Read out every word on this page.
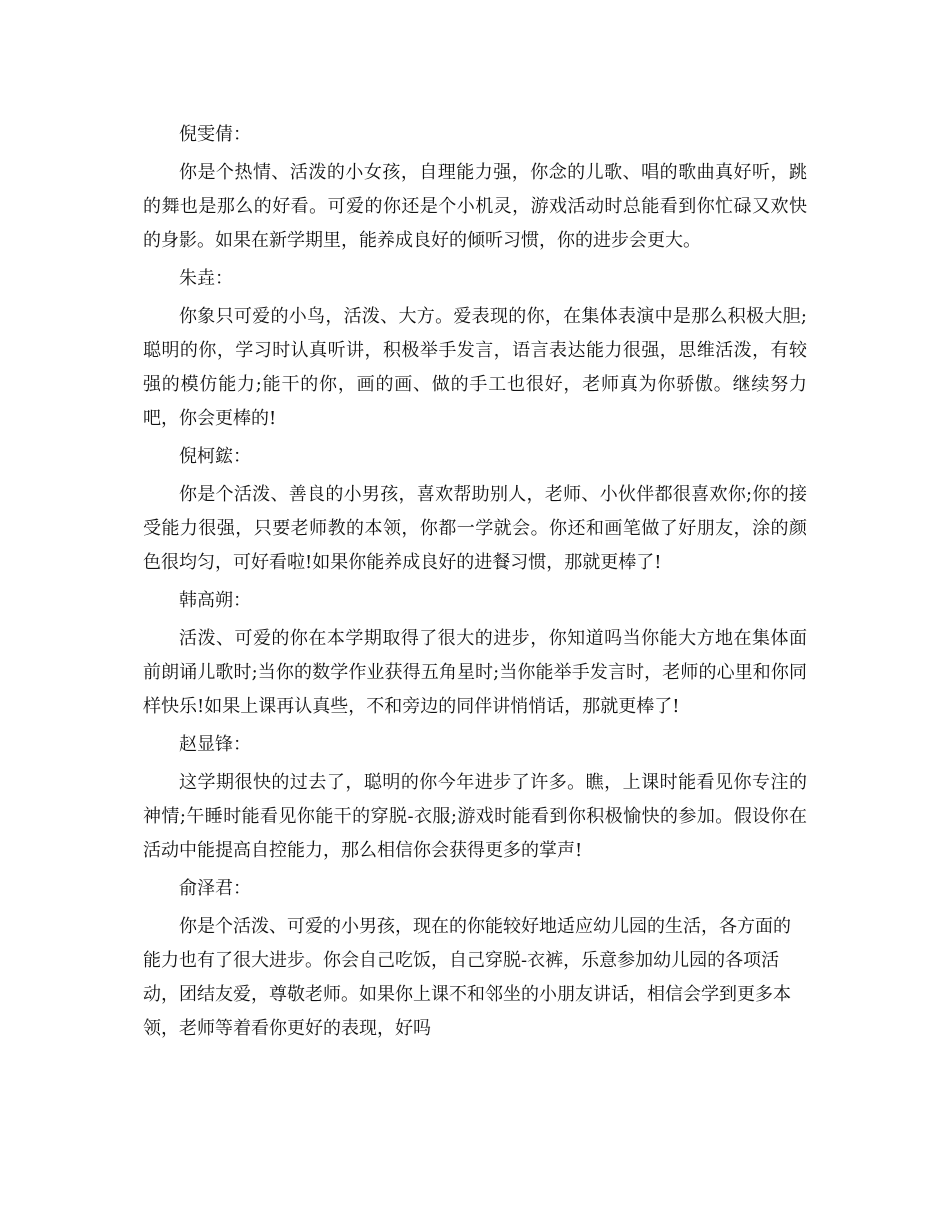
倪雯倩：

你是个热情、活泼的小女孩，自理能力强，你念的儿歌、唱的歌曲真好听，跳的舞也是那么的好看。可爱的你还是个小机灵，游戏活动时总能看到你忙碌又欢快的身影。如果在新学期里，能养成良好的倾听习惯，你的进步会更大。

朱垚：

你象只可爱的小鸟，活泼、大方。爱表现的你，在集体表演中是那么积极大胆;聪明的你，学习时认真听讲，积极举手发言，语言表达能力很强，思维活泼，有较强的模仿能力;能干的你，画的画、做的手工也很好，老师真为你骄傲。继续努力吧，你会更棒的!

倪柯鋐：

你是个活泼、善良的小男孩，喜欢帮助别人，老师、小伙伴都很喜欢你;你的接受能力很强，只要老师教的本领，你都一学就会。你还和画笔做了好朋友，涂的颜色很均匀，可好看啦!如果你能养成良好的进餐习惯，那就更棒了!

韩高朔：

活泼、可爱的你在本学期取得了很大的进步，你知道吗当你能大方地在集体面前朗诵儿歌时;当你的数学作业获得五角星时;当你能举手发言时，老师的心里和你同样快乐!如果上课再认真些，不和旁边的同伴讲悄悄话，那就更棒了!

赵显锋：

这学期很快的过去了，聪明的你今年进步了许多。瞧，上课时能看见你专注的神情;午睡时能看见你能干的穿脱-衣服;游戏时能看到你积极愉快的参加。假设你在活动中能提高自控能力，那么相信你会获得更多的掌声!

俞泽君：

你是个活泼、可爱的小男孩，现在的你能较好地适应幼儿园的生活，各方面的能力也有了很大进步。你会自己吃饭，自己穿脱-衣裤，乐意参加幼儿园的各项活动，团结友爱，尊敬老师。如果你上课不和邻坐的小朋友讲话，相信会学到更多本领，老师等着看你更好的表现，好吗
